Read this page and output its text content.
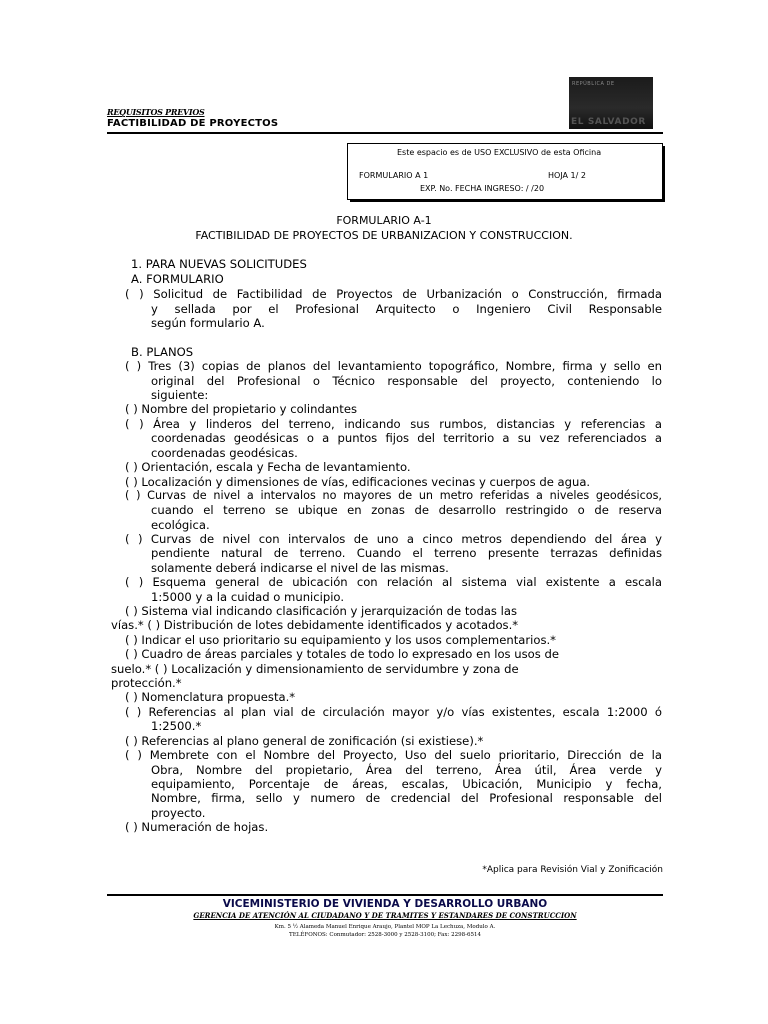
REQUISITOS PREVIOS
FACTIBILIDAD DE PROYECTOS
REPÚBLICA DE
EL SALVADOR
Este espacio es de USO EXCLUSIVO de esta Oficina
FORMULARIO A 1	HOJA 1/ 2
EXP. No. FECHA INGRESO: / /20
FORMULARIO A-1
FACTIBILIDAD DE PROYECTOS DE URBANIZACION Y CONSTRUCCION.
1. PARA NUEVAS SOLICITUDES
A. FORMULARIO
( ) Solicitud de Factibilidad de Proyectos de Urbanización o Construcción, firmada
y sellada por el Profesional Arquitecto o Ingeniero Civil Responsable
según formulario A.
B. PLANOS
( ) Tres (3) copias de planos del levantamiento topográfico, Nombre, firma y sello en
original del Profesional o Técnico responsable del proyecto, conteniendo lo
siguiente:
( ) Nombre del propietario y colindantes
( ) Área y linderos del terreno, indicando sus rumbos, distancias y referencias a
coordenadas geodésicas o a puntos fijos del territorio a su vez referenciados a
coordenadas geodésicas.
( ) Orientación, escala y Fecha de levantamiento.
( ) Localización y dimensiones de vías, edificaciones vecinas y cuerpos de agua.
( ) Curvas de nivel a intervalos no mayores de un metro referidas a niveles geodésicos,
cuando el terreno se ubique en zonas de desarrollo restringido o de reserva
ecológica.
( ) Curvas de nivel con intervalos de uno a cinco metros dependiendo del área y
pendiente natural de terreno. Cuando el terreno presente terrazas definidas
solamente deberá indicarse el nivel de las mismas.
( ) Esquema general de ubicación con relación al sistema vial existente a escala
1:5000 y a la cuidad o municipio.
( ) Sistema vial indicando clasificación y jerarquización de todas las
vías.* ( ) Distribución de lotes debidamente identificados y acotados.*
( ) Indicar el uso prioritario su equipamiento y los usos complementarios.*
( ) Cuadro de áreas parciales y totales de todo lo expresado en los usos de
suelo.* ( ) Localización y dimensionamiento de servidumbre y zona de
protección.*
( ) Nomenclatura propuesta.*
( ) Referencias al plan vial de circulación mayor y/o vías existentes, escala 1:2000 ó
1:2500.*
( ) Referencias al plano general de zonificación (si existiese).*
( ) Membrete con el Nombre del Proyecto, Uso del suelo prioritario, Dirección de la
Obra, Nombre del propietario, Área del terreno, Área útil, Área verde y
equipamiento, Porcentaje de áreas, escalas, Ubicación, Municipio y fecha,
Nombre, firma, sello y numero de credencial del Profesional responsable del
proyecto.
( ) Numeración de hojas.
*Aplica para Revisión Vial y Zonificación
VICEMINISTERIO DE VIVIENDA Y DESARROLLO URBANO
GERENCIA DE ATENCIÓN AL CIUDADANO Y DE TRAMITES Y ESTANDARES DE CONSTRUCCION
Km. 5 ½ Alameda Manuel Enrique Araujo, Plantel MOP La Lechuza, Modulo A.
TELÉFONOS: Conmutador: 2528-3000 y 2528-3100; Fax: 2298-6514
